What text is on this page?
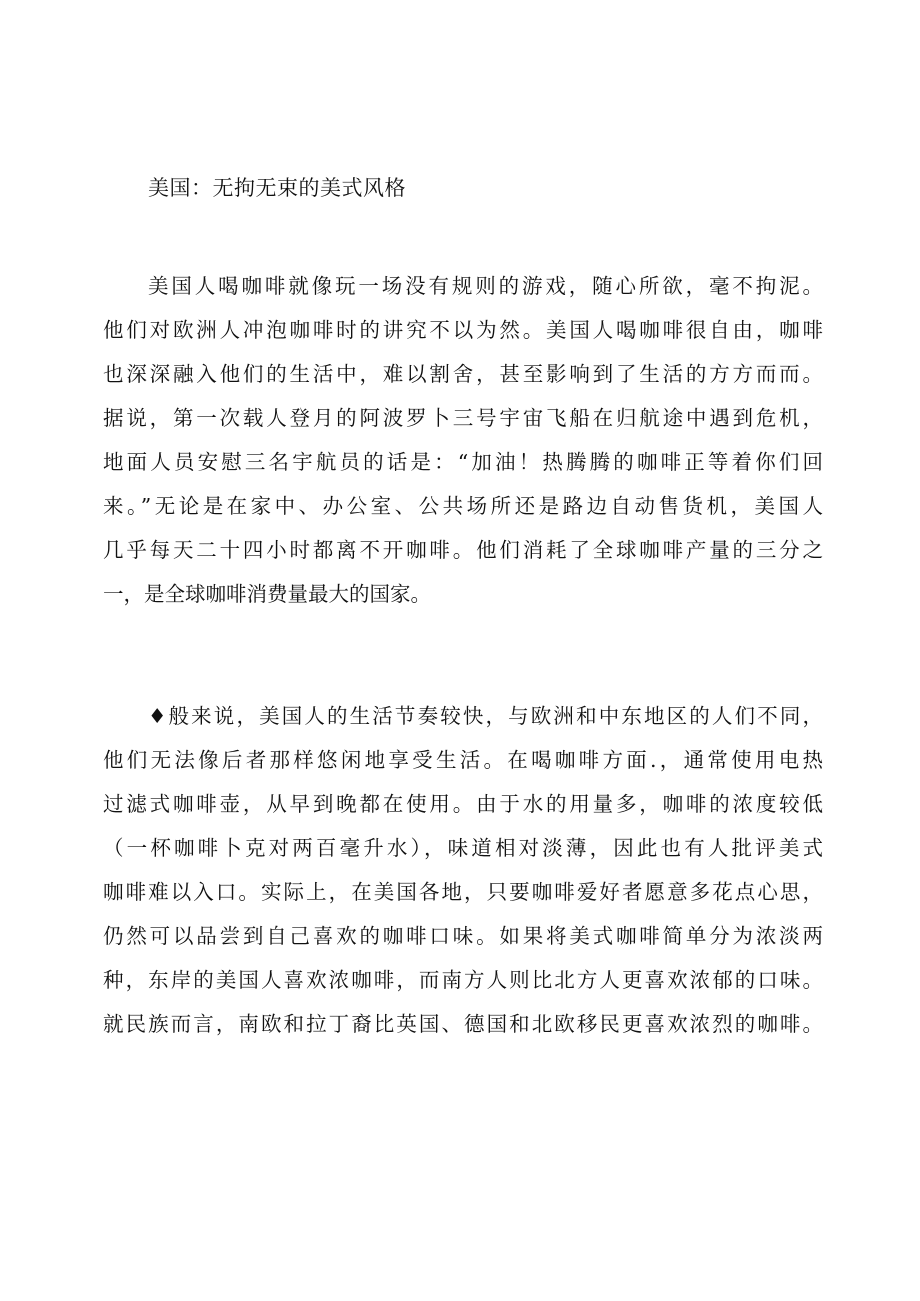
美国：无拘无束的美式风格
美国人喝咖啡就像玩一场没有规则的游戏，随心所欲，毫不拘泥。
他们对欧洲人冲泡咖啡时的讲究不以为然。美国人喝咖啡很自由，咖啡
也深深融入他们的生活中，难以割舍，甚至影响到了生活的方方而而。
据说，第一次载人登月的阿波罗卜三号宇宙飞船在归航途中遇到危机，
地面人员安慰三名宇航员的话是：“加油！热腾腾的咖啡正等着你们回
来。”无论是在家中、办公室、公共场所还是路边自动售货机，美国人
几乎每天二十四小时都离不开咖啡。他们消耗了全球咖啡产量的三分之
一，是全球咖啡消费量最大的国家。
♦般来说，美国人的生活节奏较快，与欧洲和中东地区的人们不同，
他们无法像后者那样悠闲地享受生活。在喝咖啡方面.，通常使用电热
过滤式咖啡壶，从早到晚都在使用。由于水的用量多，咖啡的浓度较低
（一杯咖啡卜克对两百毫升水），味道相对淡薄，因此也有人批评美式
咖啡难以入口。实际上，在美国各地，只要咖啡爱好者愿意多花点心思，
仍然可以品尝到自己喜欢的咖啡口味。如果将美式咖啡简单分为浓淡两
种，东岸的美国人喜欢浓咖啡，而南方人则比北方人更喜欢浓郁的口味。
就民族而言，南欧和拉丁裔比英国、德国和北欧移民更喜欢浓烈的咖啡。
